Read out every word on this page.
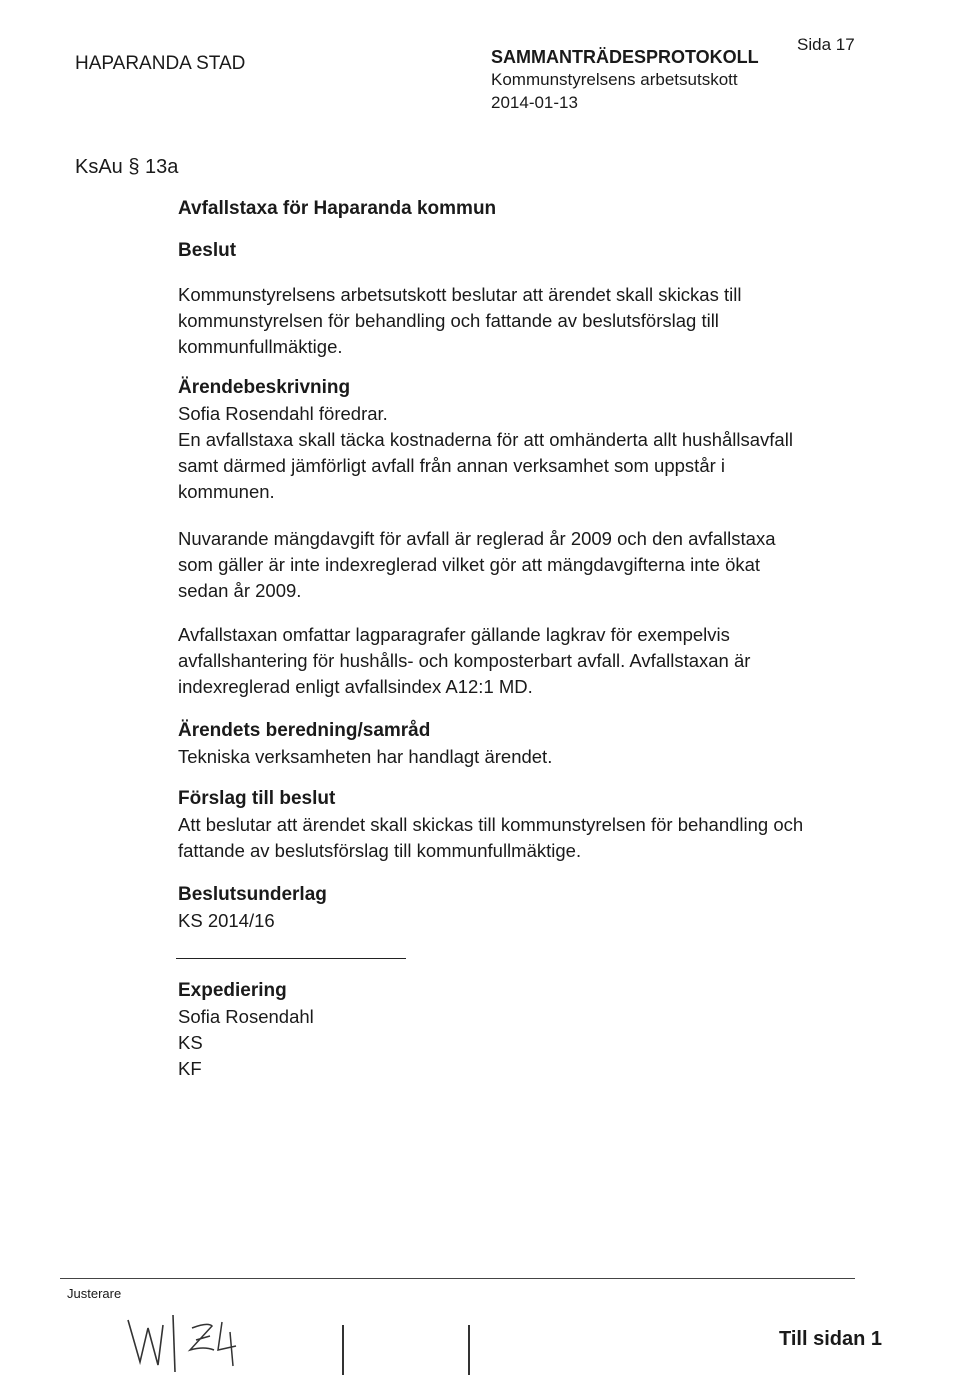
HAPARANDA STAD
Sida 17
SAMMANTRÄDESPROTOKOLL
Kommunstyrelsens arbetsutskott
2014-01-13
KsAu § 13a
Avfallstaxa för Haparanda kommun

Beslut

Kommunstyrelsens arbetsutskott beslutar att ärendet skall skickas till
kommunstyrelsen för behandling och fattande av beslutsförslag till
kommunfullmäktige.

Ärendebeskrivning

Sofia Rosendahl föredrar.

En avfallstaxa skall täcka kostnaderna för att omhänderta allt hushållsavfall
samt därmed jämförligt avfall från annan verksamhet som uppstår i
kommunen.

Nuvarande mängdavgift för avfall är reglerad år 2009 och den avfallstaxa
som gäller är inte indexreglerad vilket gör att mängdavgifterna inte ökat
sedan år 2009.

Avfallstaxan omfattar lagparagrafer gällande lagkrav för exempelvis
avfallshantering för hushålls- och komposterbart avfall. Avfallstaxan är
indexreglerad enligt avfallsindex A12:1 MD.

Ärendets beredning/samråd

Tekniska verksamheten har handlagt ärendet.

Förslag till beslut

Att beslutar att ärendet skall skickas till kommunstyrelsen för behandling och
fattande av beslutsförslag till kommunfullmäktige.

Beslutsunderlag

KS 2014/16

Expediering

Sofia Rosendahl

KS

KF

Justerare
Till sidan 1
